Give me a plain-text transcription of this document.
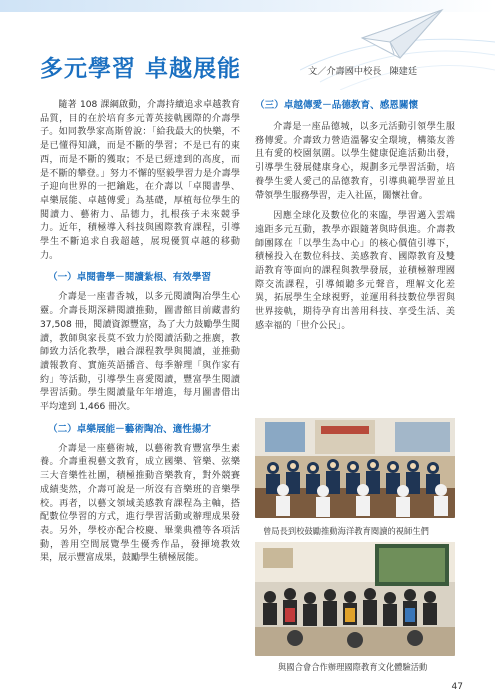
多元學習 卓越展能	文／介壽國中校長 陳建廷

隨著 108 課綱啟動，介壽持續追求卓越教育品質，目的在於培育多元菁英接軌國際的介壽學子。如同教學家高斯曾說：「給我最大的快樂，不是已懂得知識，而是不斷的學習；不是已有的東西，而是不斷的獲取；不是已經達到的高度，而是不斷的攀登。」努力不懈的堅毅學習力是介壽學子迎向世界的一把鑰匙，在介壽以「卓閱書學、卓樂展能、卓越傳愛」為基礎，厚植每位學生的閱讀力、藝術力、品德力，扎根孩子未來競爭力。近年，積極導入科技與國際教育課程，引導學生不斷追求自我超越，展現優質卓越的移動力。

（一）卓閱書學－閱讀紮根、有效學習

介壽是一座書香城，以多元閱讀陶冶學生心靈。介壽長期深耕閱讀推動，圖書館目前藏書約 37,508 冊，閱讀資源豐富，為了大力鼓勵學生閱讀，教師與家長莫不致力於閱讀活動之推廣，教師致力活化教學，融合課程教學與閱讀，並推動讀報教育、實施英語播音、每季辦理「與作家有約」等活動，引導學生喜愛閱讀，豐富學生閱讀學習活動。學生閱讀量年年增進，每月圖書借出平均達到 1,466 冊次。

（二）卓樂展能－藝術陶冶、適性揚才

介壽是一座藝術城，以藝術教育豐富學生素養。介壽重視藝文教育，成立國樂、管樂、弦樂三大音樂性社團，積極推動音樂教育，對外競賽成績斐然，介壽可說是一所沒有音樂班的音樂學校。再者，以藝文領域美感教育課程為主軸，搭配數位學習的方式，進行學習活動或辦理成果發表。另外，學校亦配合校慶、畢業典禮等各項活動，善用空間展覽學生優秀作品，發揮境教效果，展示豐富成果，鼓勵學生積極展能。

（三）卓越傳愛－品德教育、感恩關懷

介壽是一座品德城，以多元活動引領學生服務傳愛。介壽致力營造溫馨安全環境，構築友善且有愛的校園氛圍。以學生健康促進活動出發，引導學生發展健康身心，規劃多元學習活動，培養學生愛人愛己的品德教育，引導典範學習並且帶領學生服務學習，走入社區，關懷社會。

因應全球化及數位化的來臨，學習邁入雲端遠距多元互動，教學亦跟隨著與時俱進。介壽教師團隊在「以學生為中心」的核心價值引導下，積極投入在數位科技、美感教育、國際教育及雙語教育等面向的課程與教學發展，並積極辦理國際交流課程，引導傾聽多元聲音，理解文化差異，拓展學生全球視野，並運用科技數位學習與世界接軌，期待孕育出善用科技、享受生活、美感幸福的「世介公民」。

曾局長到校鼓勵推動海洋教育閱讀的視師生們
與國合會合作辦理國際教育文化體驗活動
47
